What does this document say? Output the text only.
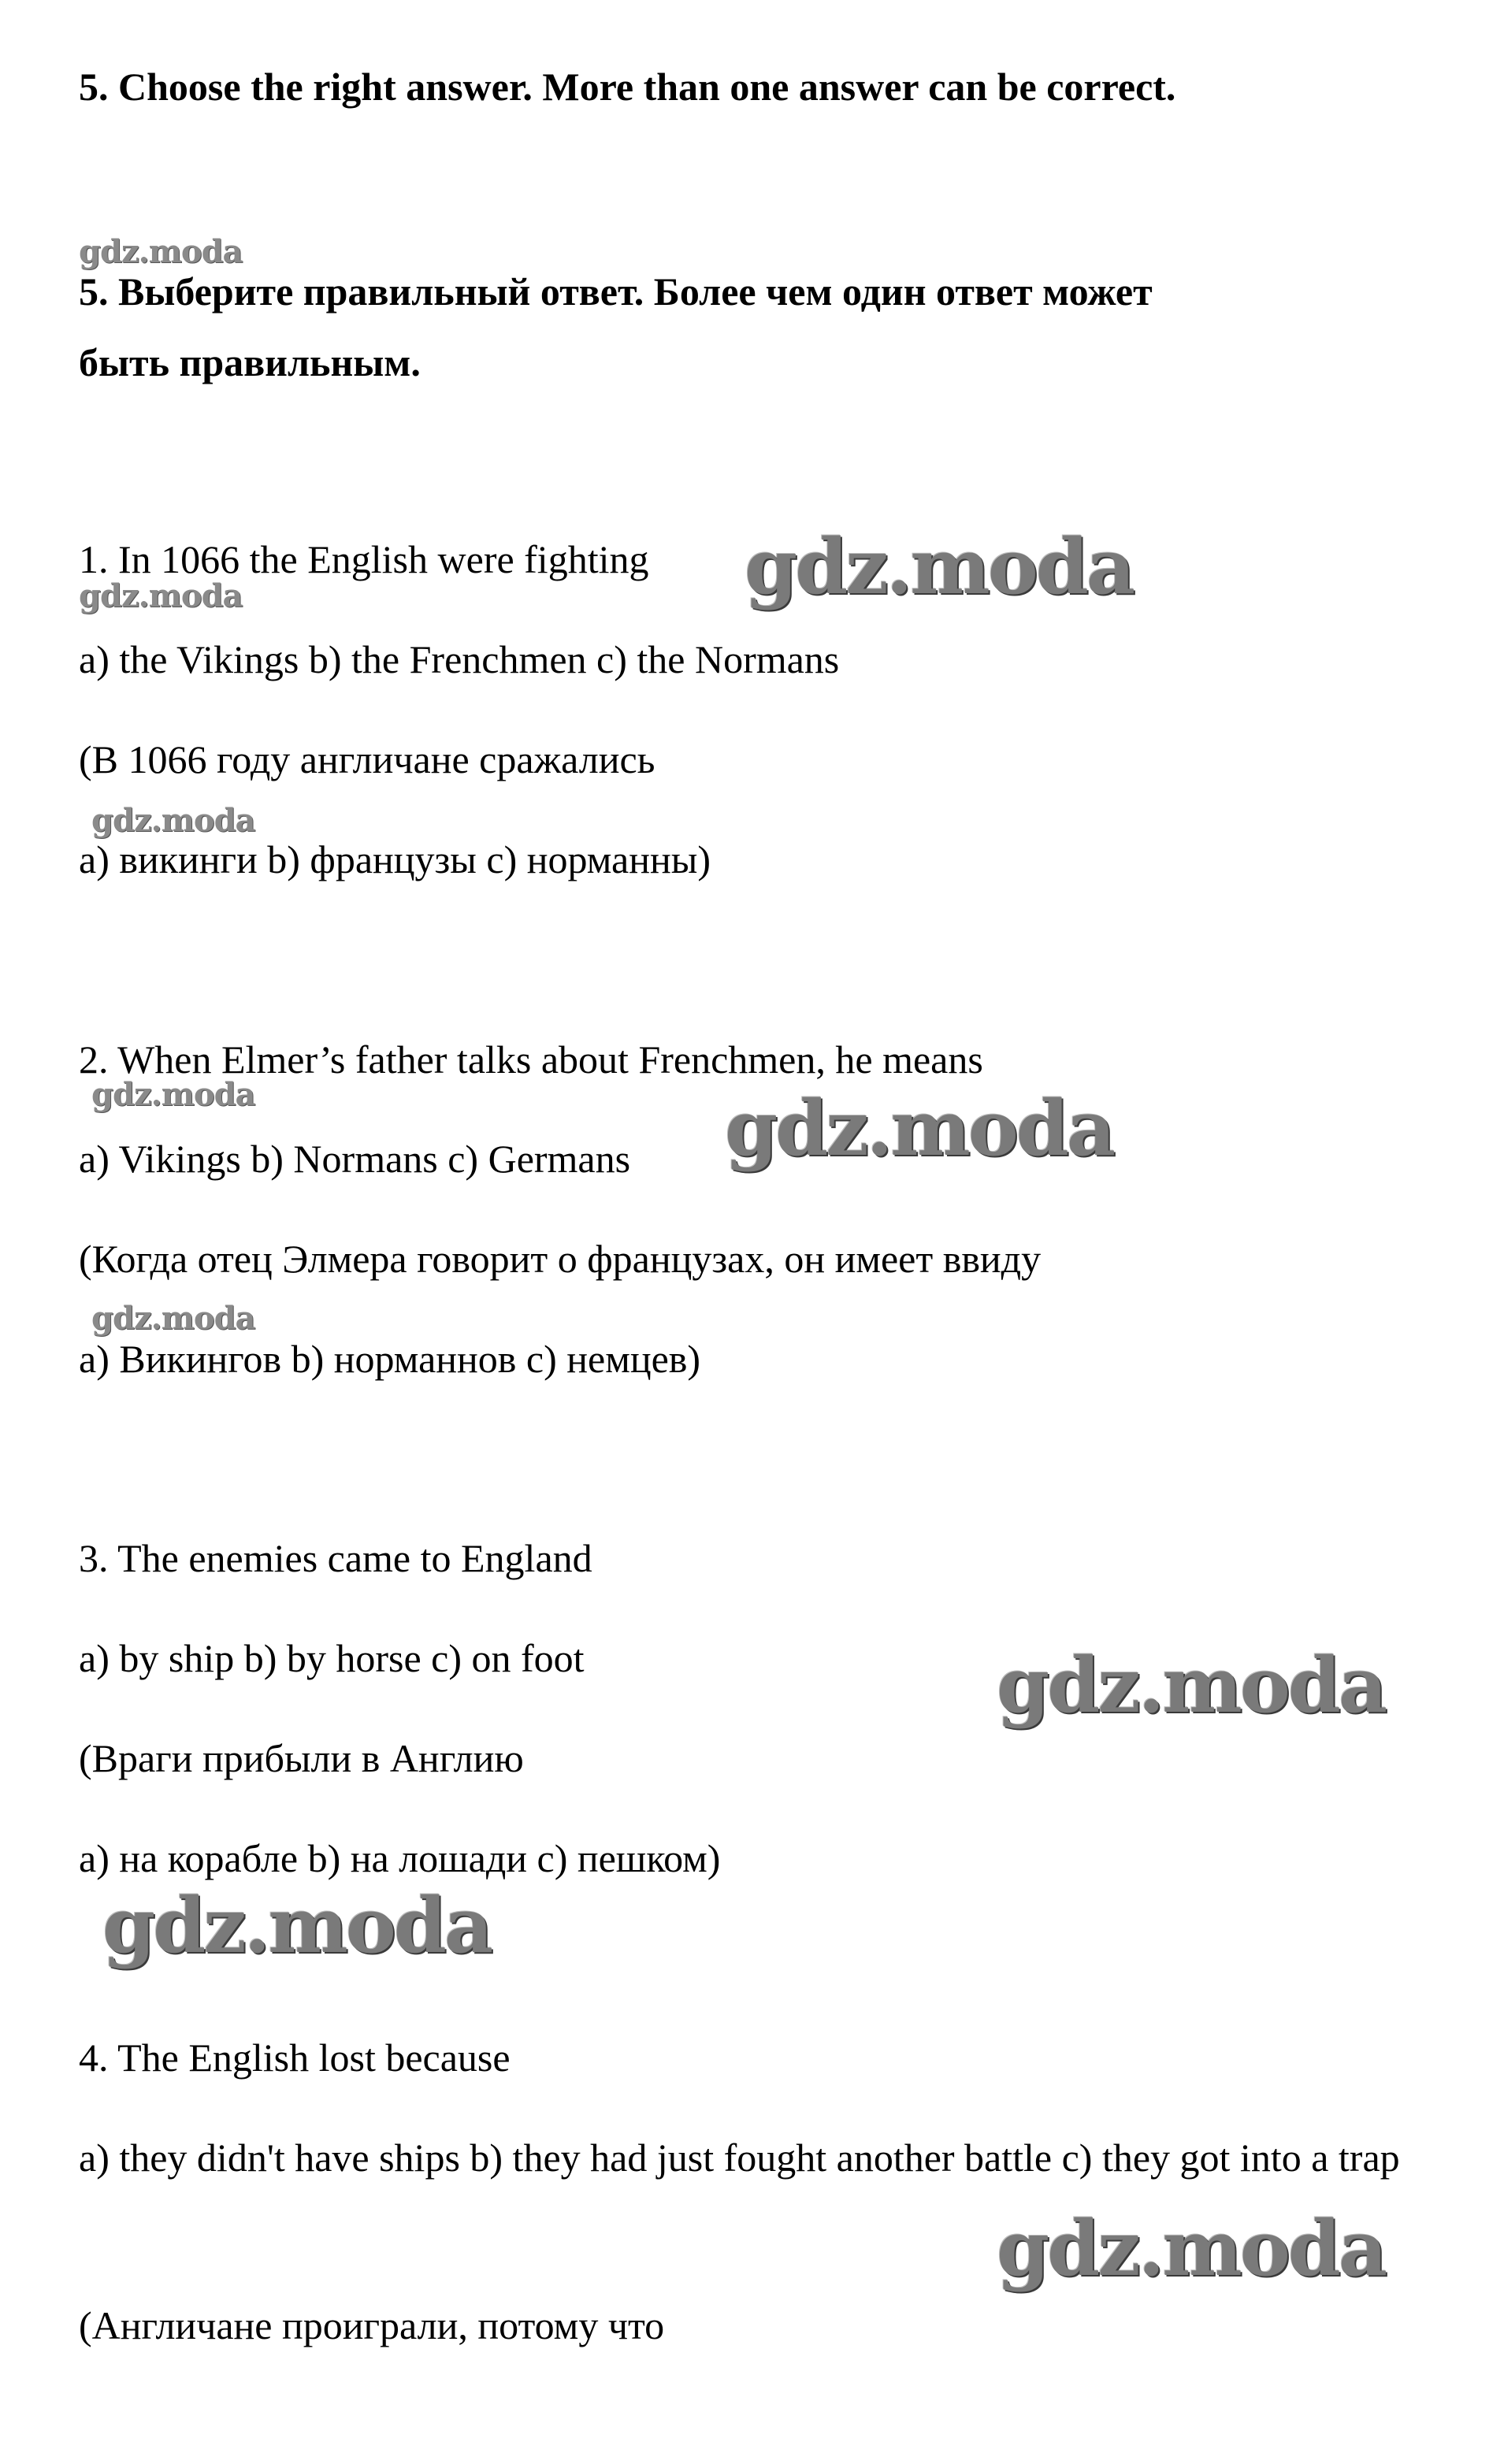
5. Choose the right answer. More than one answer can be correct.
5. Выберите правильный ответ. Более чем один ответ может
быть правильным.
1. In 1066 the English were fighting
a) the Vikings b) the Frenchmen c) the Normans
(В 1066 году англичане сражались
a) викинги b) французы c) норманны)
2. When Elmer’s father talks about Frenchmen, he means
a) Vikings b) Normans c) Germans
(Когда отец Элмера говорит о французах, он имеет ввиду
a) Викингов b) норманнов c) немцев)
3. The enemies came to England
a) by ship b) by horse c) on foot
(Враги прибыли в Англию
a) на корабле b) на лошади c) пешком)
4. The English lost because
a) they didn't have ships b) they had just fought another battle c) they got into a trap
(Англичане проиграли, потому что
gdz.moda
gdz.moda
gdz.moda
gdz.moda
gdz.moda
gdz.moda
gdz.moda
gdz.moda
gdz.moda
gdz.moda
